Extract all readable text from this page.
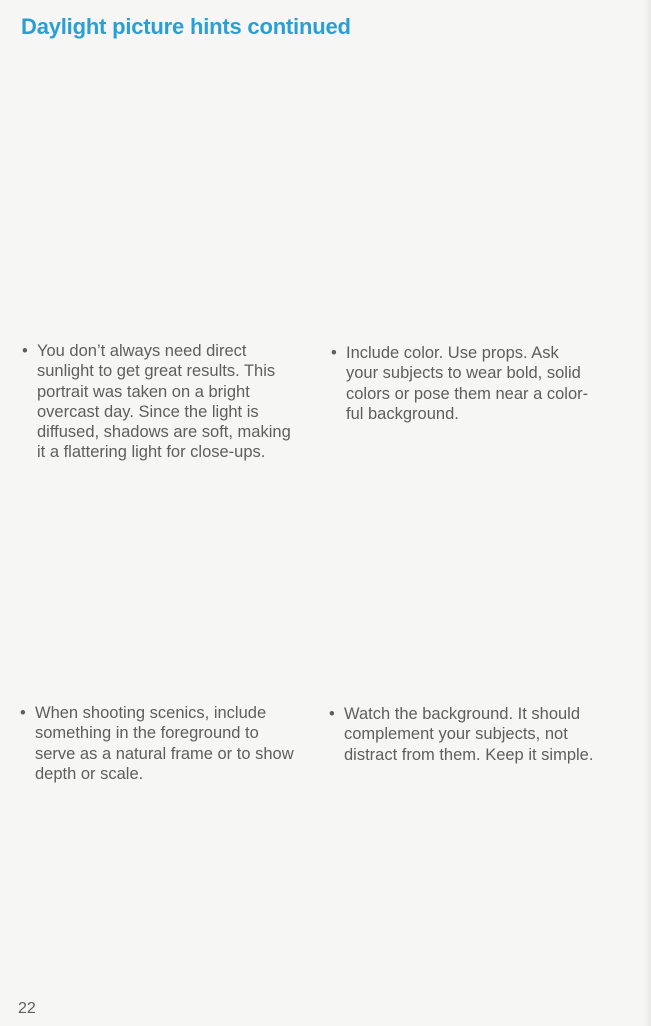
Daylight picture hints continued
• You don’t always need direct
sunlight to get great results. This
portrait was taken on a bright
overcast day. Since the light is
diffused, shadows are soft, making
it a flattering light for close-ups.
• Include color. Use props. Ask
your subjects to wear bold, solid
colors or pose them near a color-
ful background.
• When shooting scenics, include
something in the foreground to
serve as a natural frame or to show
depth or scale.
• Watch the background. It should
complement your subjects, not
distract from them. Keep it simple.

22
